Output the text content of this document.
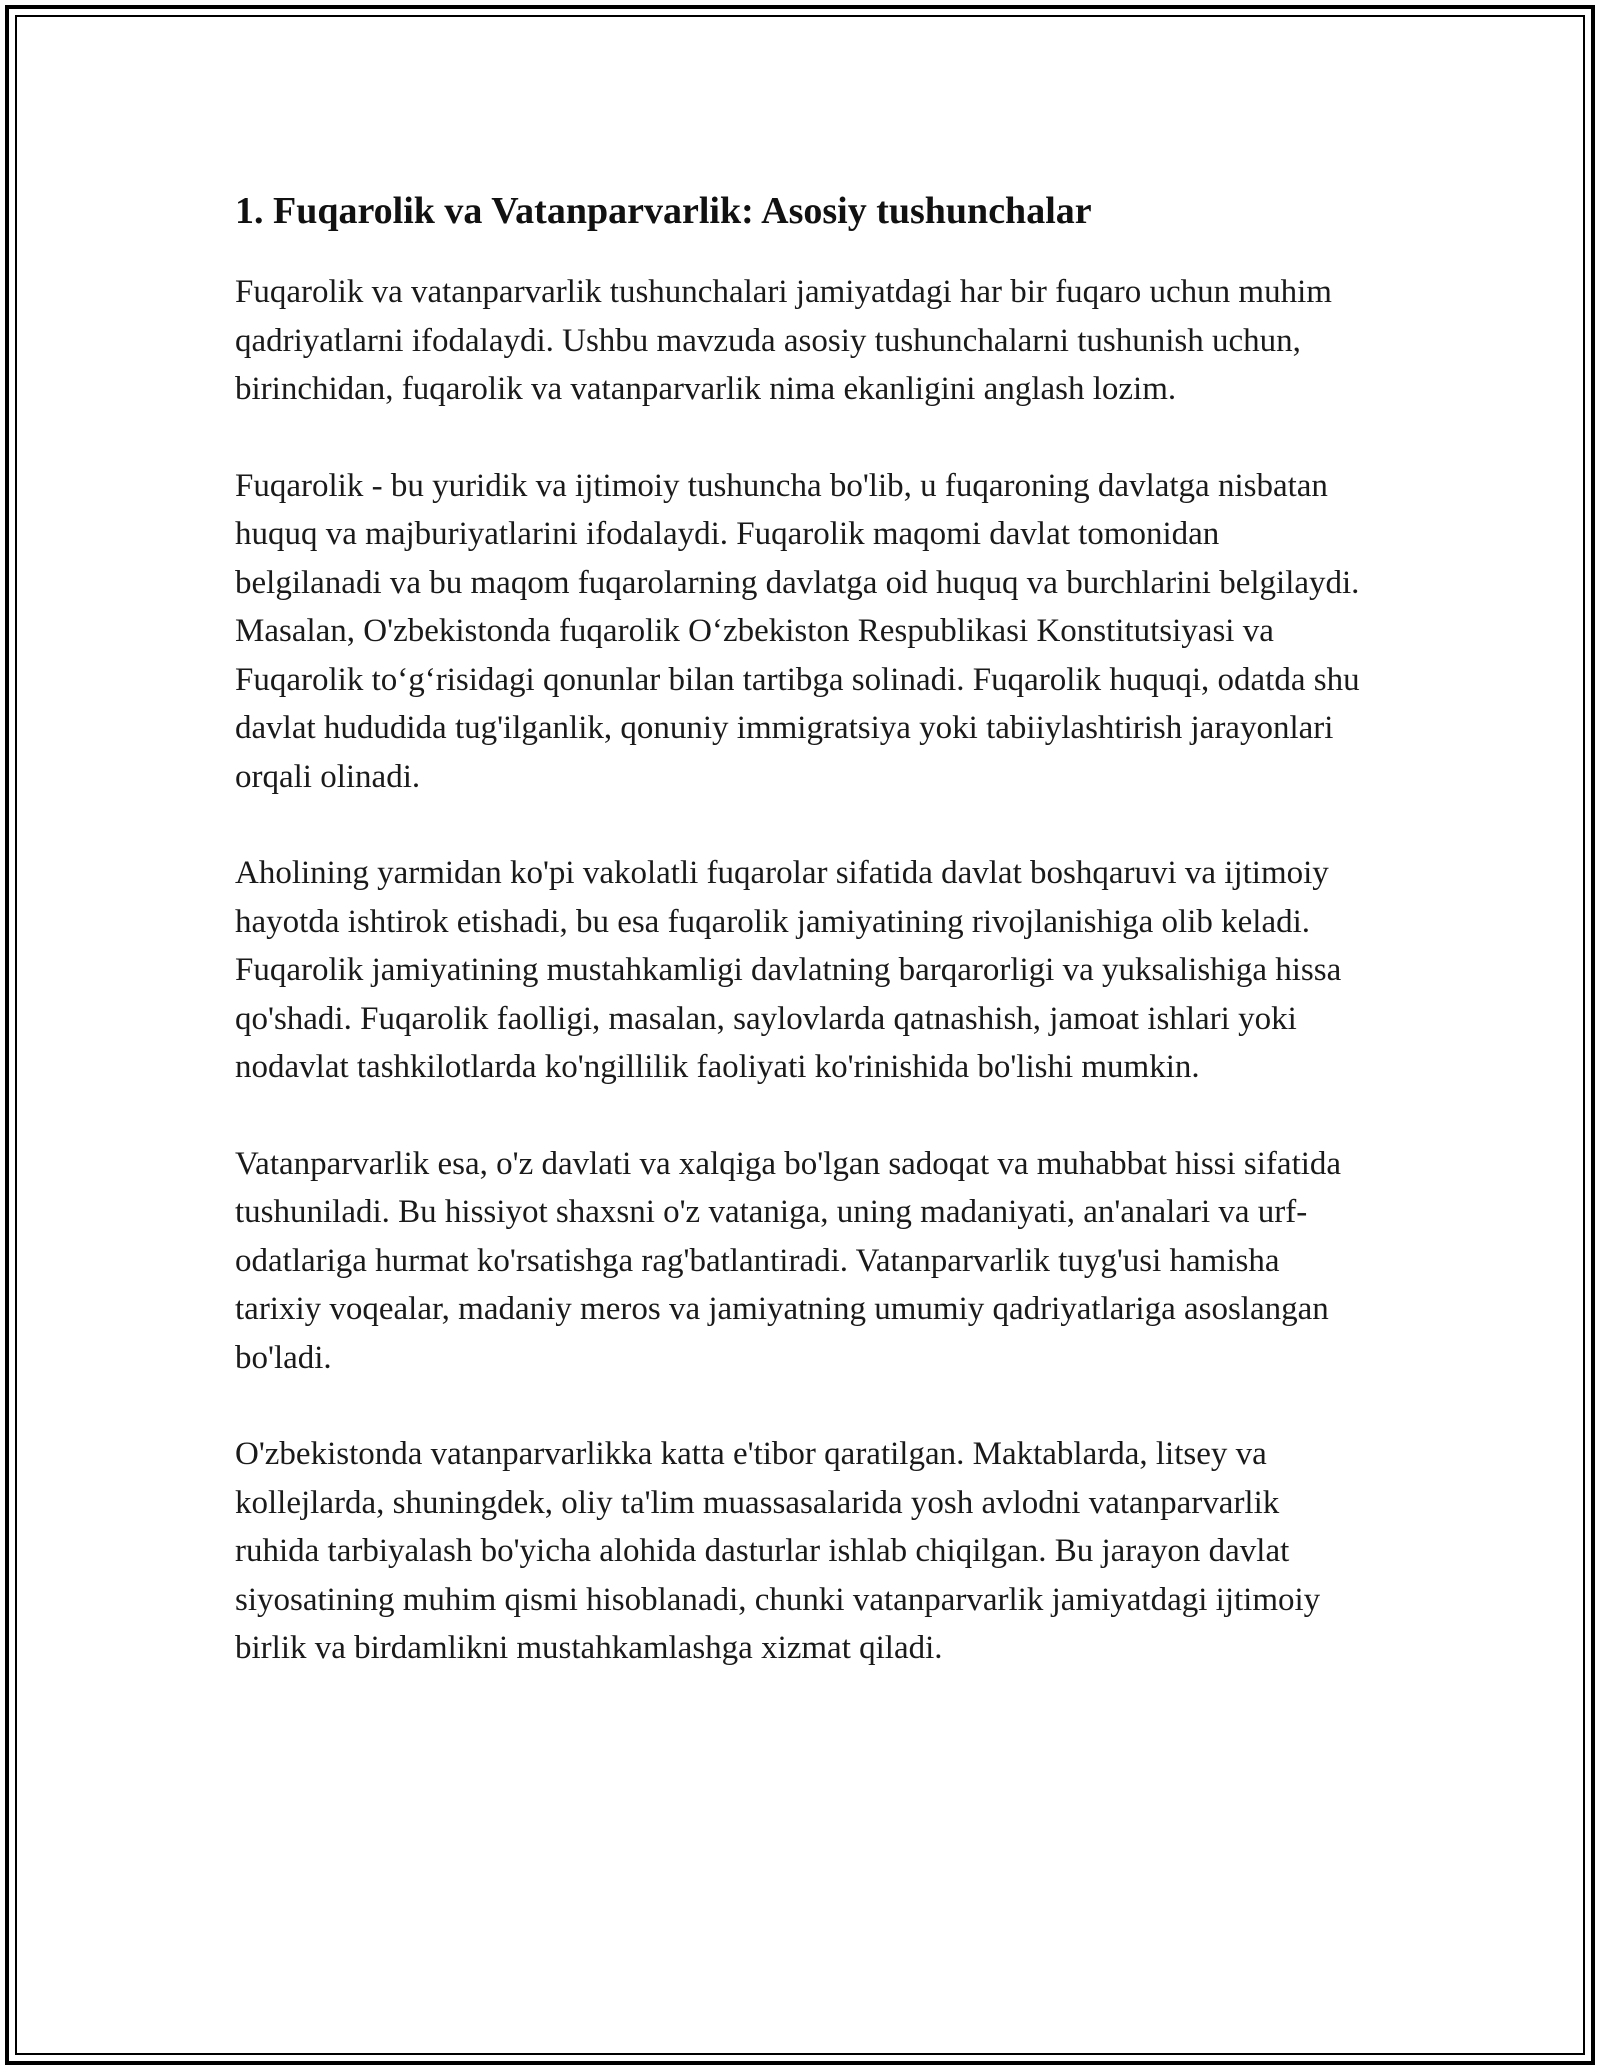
1. Fuqarolik va Vatanparvarlik: Asosiy tushunchalar

Fuqarolik va vatanparvarlik tushunchalari jamiyatdagi har bir fuqaro uchun muhim qadriyatlarni ifodalaydi. Ushbu mavzuda asosiy tushunchalarni tushunish uchun, birinchidan, fuqarolik va vatanparvarlik nima ekanligini anglash lozim.

Fuqarolik - bu yuridik va ijtimoiy tushuncha bo'lib, u fuqaroning davlatga nisbatan huquq va majburiyatlarini ifodalaydi. Fuqarolik maqomi davlat tomonidan belgilanadi va bu maqom fuqarolarning davlatga oid huquq va burchlarini belgilaydi. Masalan, O'zbekistonda fuqarolik O‘zbekiston Respublikasi Konstitutsiyasi va Fuqarolik to‘g‘risidagi qonunlar bilan tartibga solinadi. Fuqarolik huquqi, odatda shu davlat hududida tug'ilganlik, qonuniy immigratsiya yoki tabiiylashtirish jarayonlari orqali olinadi.

Aholining yarmidan ko'pi vakolatli fuqarolar sifatida davlat boshqaruvi va ijtimoiy hayotda ishtirok etishadi, bu esa fuqarolik jamiyatining rivojlanishiga olib keladi. Fuqarolik jamiyatining mustahkamligi davlatning barqarorligi va yuksalishiga hissa qo'shadi. Fuqarolik faolligi, masalan, saylovlarda qatnashish, jamoat ishlari yoki nodavlat tashkilotlarda ko'ngillilik faoliyati ko'rinishida bo'lishi mumkin.

Vatanparvarlik esa, o'z davlati va xalqiga bo'lgan sadoqat va muhabbat hissi sifatida tushuniladi. Bu hissiyot shaxsni o'z vataniga, uning madaniyati, an'analari va urf-odatlariga hurmat ko'rsatishga rag'batlantiradi. Vatanparvarlik tuyg'usi hamisha tarixiy voqealar, madaniy meros va jamiyatning umumiy qadriyatlariga asoslangan bo'ladi.

O'zbekistonda vatanparvarlikka katta e'tibor qaratilgan. Maktablarda, litsey va kollejlarda, shuningdek, oliy ta'lim muassasalarida yosh avlodni vatanparvarlik ruhida tarbiyalash bo'yicha alohida dasturlar ishlab chiqilgan. Bu jarayon davlat siyosatining muhim qismi hisoblanadi, chunki vatanparvarlik jamiyatdagi ijtimoiy birlik va birdamlikni mustahkamlashga xizmat qiladi.
